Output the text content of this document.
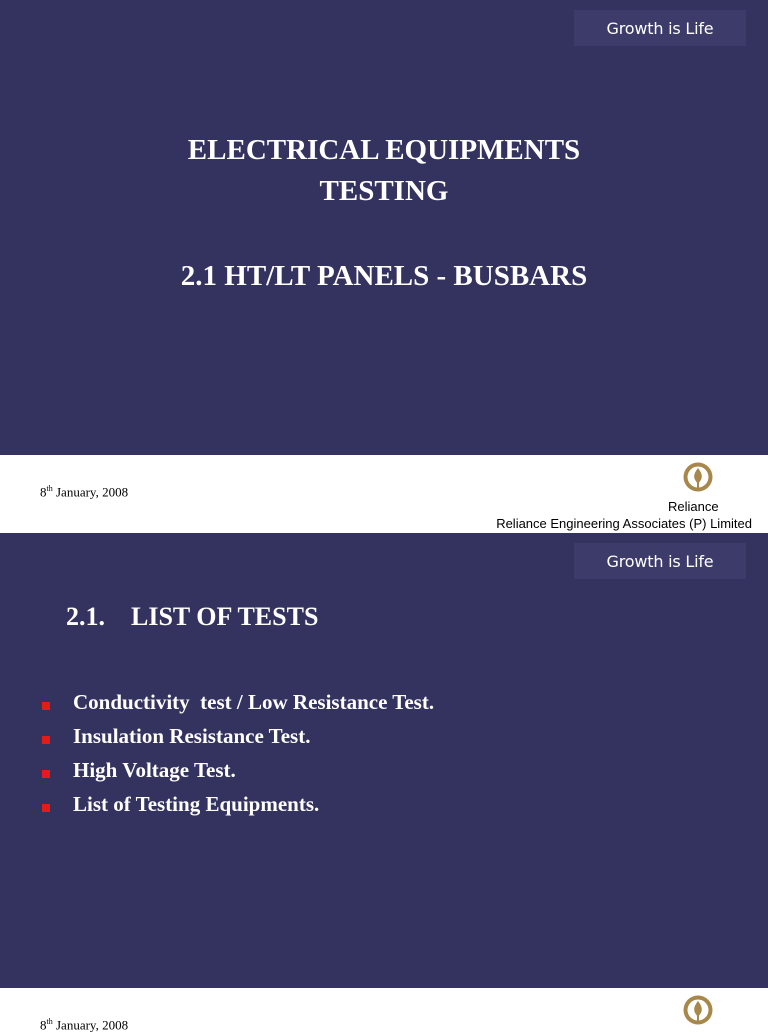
Growth is Life
ELECTRICAL EQUIPMENTS
TESTING
2.1 HT/LT PANELS - BUSBARS
8th January, 2008
Reliance
Reliance Engineering Associates (P) Limited
Growth is Life
2.1.    LIST OF TESTS
Conductivity  test / Low Resistance Test.
Insulation Resistance Test.
High Voltage Test.
List of Testing Equipments.
8th January, 2008
